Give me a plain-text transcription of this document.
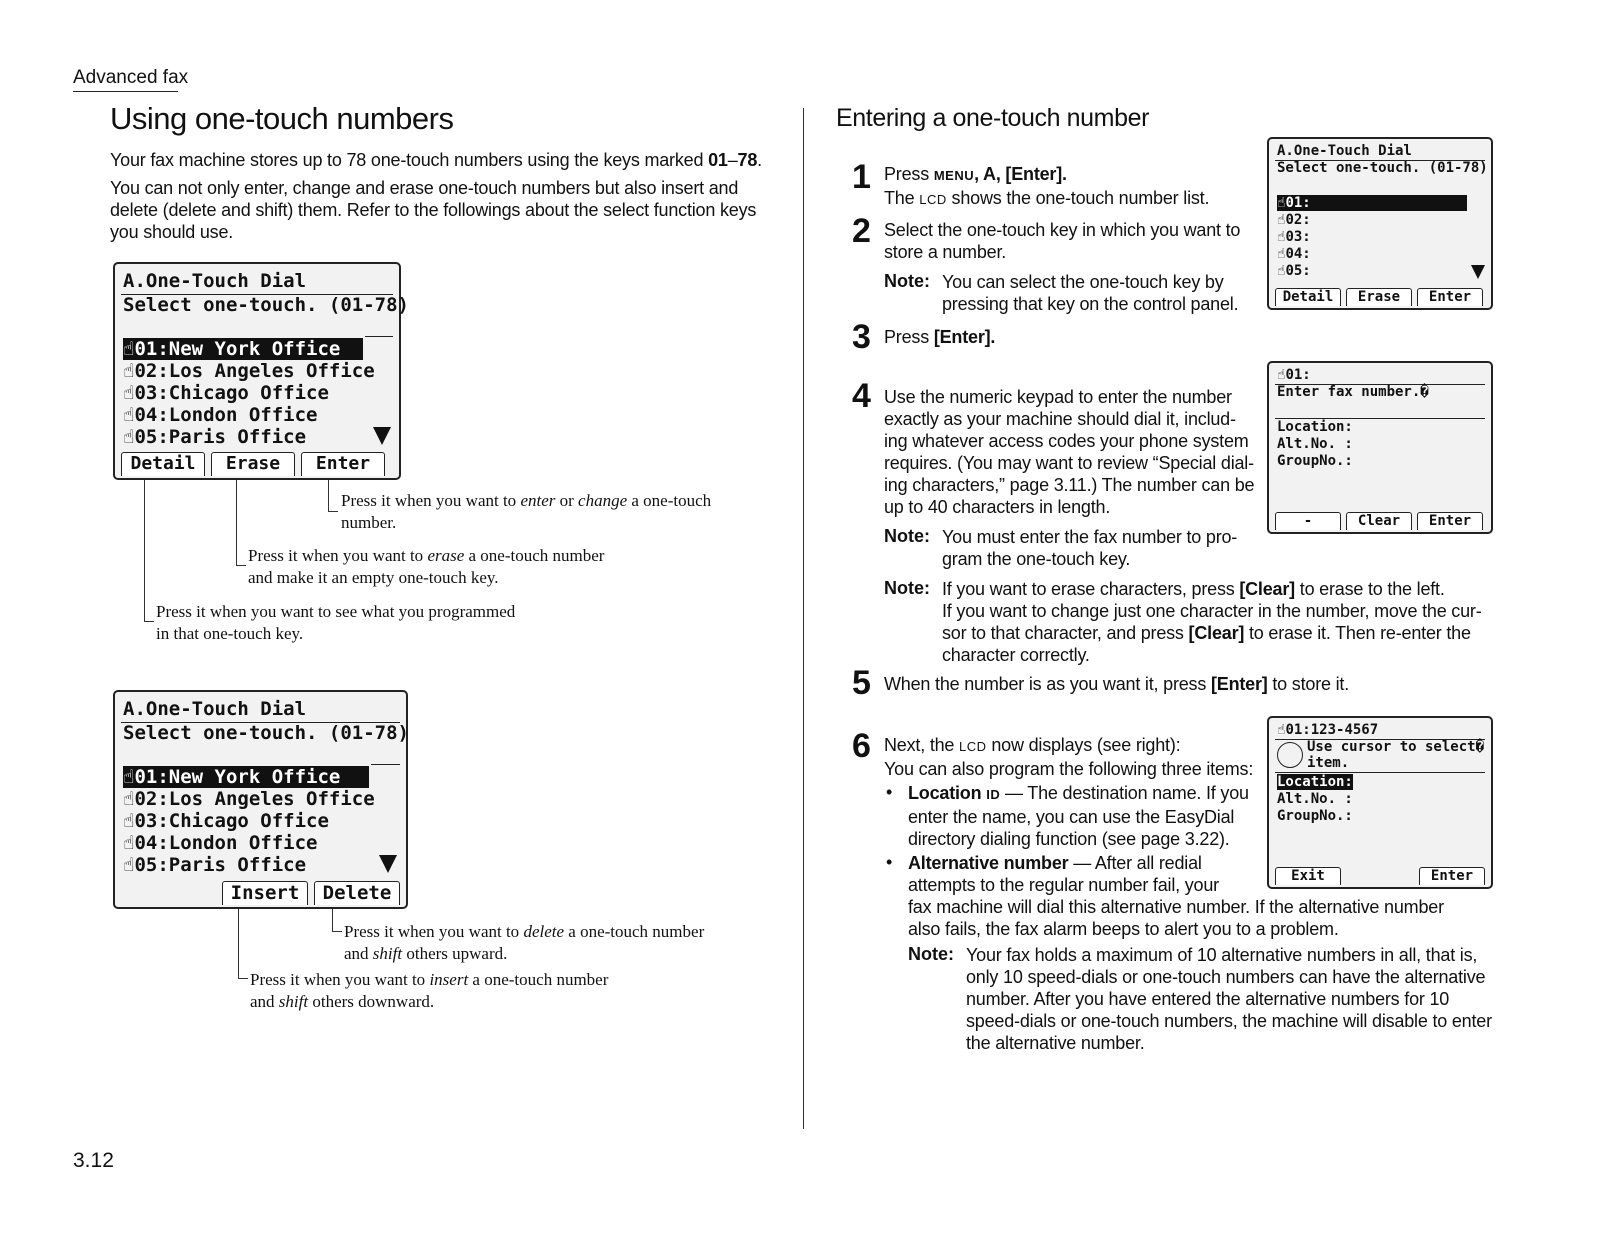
Advanced fax
3.12
Using one-touch numbers
Your fax machine stores up to 78 one-touch numbers using the keys marked 01–78.
You can not only enter, change and erase one-touch numbers but also insert and delete (delete and shift) them. Refer to the followings about the select function keys you should use.
A.One-Touch Dial
Select one-touch. (01-78)
☝01:New York Office
☝02:Los Angeles Office
☝03:Chicago Office
☝04:London Office
☝05:Paris Office
Detail	Erase	Enter
Press it when you want to enter or change a one-touch
number.
Press it when you want to erase a one-touch number
and make it an empty one-touch key.
Press it when you want to see what you programmed
in that one-touch key.
A.One-Touch Dial
Select one-touch. (01-78)
☝01:New York Office
☝02:Los Angeles Office
☝03:Chicago Office
☝04:London Office
☝05:Paris Office
Insert	Delete
Press it when you want to delete a one-touch number
and shift others upward.
Press it when you want to insert a one-touch number
and shift others downward.
Entering a one-touch number
1 Press MENU, A, [Enter].
The LCD shows the one-touch number list.
2 Select the one-touch key in which you want to
store a number.
Note: You can select the one-touch key by
pressing that key on the control panel.
3 Press [Enter].
4 Use the numeric keypad to enter the number
exactly as your machine should dial it, includ-
ing whatever access codes your phone system
requires. (You may want to review “Special dial-
ing characters,” page 3.11.) The number can be
up to 40 characters in length.
Note: You must enter the fax number to pro-
gram the one-touch key.
Note: If you want to erase characters, press [Clear] to erase to the left.
If you want to change just one character in the number, move the cur-
sor to that character, and press [Clear] to erase it. Then re-enter the
character correctly.
5 When the number is as you want it, press [Enter] to store it.
6 Next, the LCD now displays (see right):
You can also program the following three items:
• Location ID — The destination name. If you
enter the name, you can use the EasyDial
directory dialing function (see page 3.22).
• Alternative number — After all redial
attempts to the regular number fail, your
fax machine will dial this alternative number. If the alternative number
also fails, the fax alarm beeps to alert you to a problem.
Note: Your fax holds a maximum of 10 alternative numbers in all, that is,
only 10 speed-dials or one-touch numbers can have the alternative
number. After you have entered the alternative numbers for 10
speed-dials or one-touch numbers, the machine will disable to enter
the alternative number.
A.One-Touch Dial
Select one-touch. (01-78)
☝01:
☝02:
☝03:
☝04:
☝05:
Detail	Erase	Enter
☝01:
Enter fax number.�
Location:
Alt.No. :
GroupNo.:
-	Clear	Enter
☝01:123-4567
Use cursor to select�
item.
Location:
Alt.No. :
GroupNo.:
Exit	Enter
